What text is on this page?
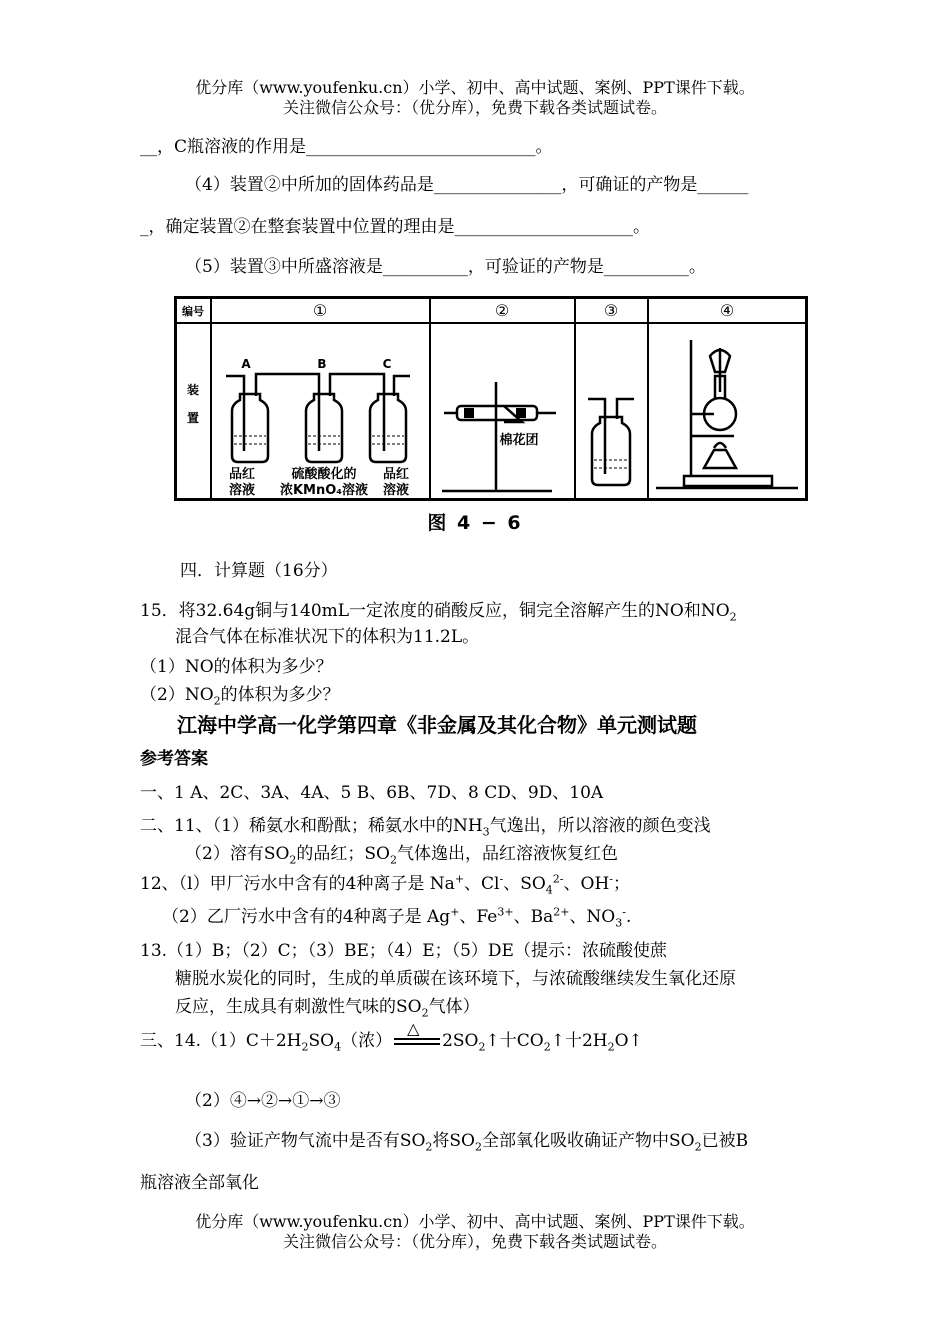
优分库（www.youfenku.cn）小学、初中、高中试题、案例、PPT课件下载。
关注微信公众号：（优分库），免费下载各类试题试卷。
__，C瓶溶液的作用是___________________________。
（4）装置②中所加的固体药品是_______________，可确证的产物是______
_，确定装置②在整套装置中位置的理由是_____________________。
（5）装置③中所盛溶液是__________，可验证的产物是__________。
编号	①	②	③	④
装
置
A	B	C
品红
溶液
硫酸酸化的
浓KMnO₄溶液
品红
溶液
棉花团
图 4 − 6
四．计算题（16分）
15．将32.64g铜与140mL一定浓度的硝酸反应，铜完全溶解产生的NO和$NO_2$
混合气体在标准状况下的体积为11.2L。
（1）NO的体积为多少？
$(2)NO_2$的体积为多少？
江海中学高一化学第四章《非金属及其化合物》单元测试题
参考答案
一、1 A、2C、3A、4A、5 B、6B、7D、8 CD、9D、10A
二、11、（1）稀氨水和酚酞；稀氨水中的$NH_3$气逸出，所以溶液的颜色变浅
（2）溶有$SO_2$的品红；$SO_2$气体逸出，品红溶液恢复红色
12、（l）甲厂污水中含有的4种离子是 Na+、Cl-、$SO_4^{2-}$、OH-；
（2）乙厂污水中含有的4种离子是 Ag+、$Fe^{3+}$、$Ba^{2+}$、$NO_3^-$.
13.（1）B；（2）C；（3）BE；（4）E；（5）DE（提示：浓硫酸使蔗
糖脱水炭化的同时，生成的单质碳在该环境下，与浓硫酸继续发生氧化还原
反应，生成具有刺激性气味的$SO_2$气体）
三、$14.(1)C+2H_2SO_4$（浓）
△
$2SO_2↑$十$CO_2↑$十$2H_2O↑$
（2）④→②→①→③
（3）验证产物气流中是否有$SO_2$将$SO_2$全部氧化吸收确证产物中$SO_2$已被B
瓶溶液全部氧化
优分库（www.youfenku.cn）小学、初中、高中试题、案例、PPT课件下载。
关注微信公众号：（优分库），免费下载各类试题试卷。
